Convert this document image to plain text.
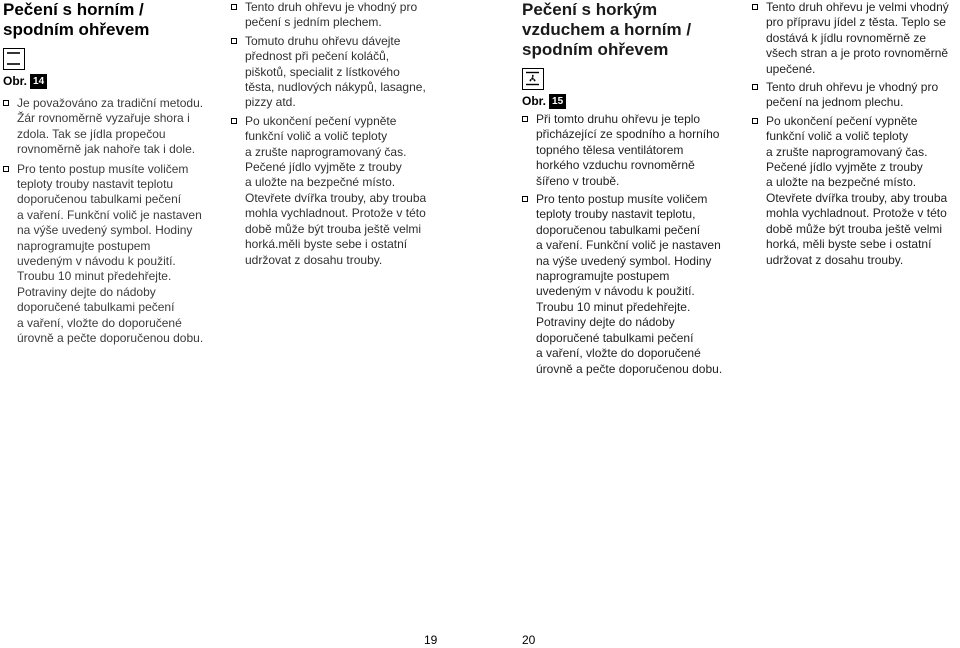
Pečení s horním /
spodním ohřevem
Obr. 14
Je považováno za tradiční metodu.
Žár rovnoměrně vyzařuje shora i
zdola. Tak se jídla propečou
rovnoměrně jak nahoře tak i dole.
Pro tento postup musíte voličem
teploty trouby nastavit teplotu
doporučenou tabulkami pečení
a vaření. Funkční volič je nastaven
na výše uvedený symbol. Hodiny
naprogramujte postupem
uvedeným v návodu k použití.
Troubu 10 minut předehřejte.
Potraviny dejte do nádoby
doporučené tabulkami pečení
a vaření, vložte do doporučené
úrovně a pečte doporučenou dobu.
Tento druh ohřevu je vhodný pro
pečení s jedním plechem.
Tomuto druhu ohřevu dávejte
přednost při pečení koláčů,
piškotů, specialit z lístkového
těsta, nudlových nákypů, lasagne,
pizzy atd.
Po ukončení pečení vypněte
funkční volič a volič teploty
a zrušte naprogramovaný čas.

Pečené jídlo vyjměte z trouby
a uložte na bezpečné místo.
Otevřete dvířka trouby, aby trouba
mohla vychladnout. Protože v této
době může být trouba ještě velmi
horká.měli byste sebe i ostatní
udržovat z dosahu trouby.

Pečení s horkým
vzduchem a horním /
spodním ohřevem
Obr. 15
Při tomto druhu ohřevu je teplo
přicházející ze spodního a horního
topného tělesa ventilátorem
horkého vzduchu rovnoměrně
šířeno v troubě.
Pro tento postup musíte voličem
teploty trouby nastavit teplotu,
doporučenou tabulkami pečení
a vaření. Funkční volič je nastaven
na výše uvedený symbol. Hodiny
naprogramujte postupem
uvedeným v návodu k použití.
Troubu 10 minut předehřejte.
Potraviny dejte do nádoby
doporučené tabulkami pečení
a vaření, vložte do doporučené
úrovně a pečte doporučenou dobu.
Tento druh ohřevu je velmi vhodný
pro přípravu jídel z těsta. Teplo se
dostává k jídlu rovnoměrně ze
všech stran a je proto rovnoměrně
upečené.
Tento druh ohřevu je vhodný pro
pečení na jednom plechu.
Po ukončení pečení vypněte
funkční volič a volič teploty
a zrušte naprogramovaný čas.
Pečené jídlo vyjměte z trouby
a uložte na bezpečné místo.
Otevřete dvířka trouby, aby trouba
mohla vychladnout. Protože v této
době může být trouba ještě velmi
horká, měli byste sebe i ostatní
udržovat z dosahu trouby.
19	20
